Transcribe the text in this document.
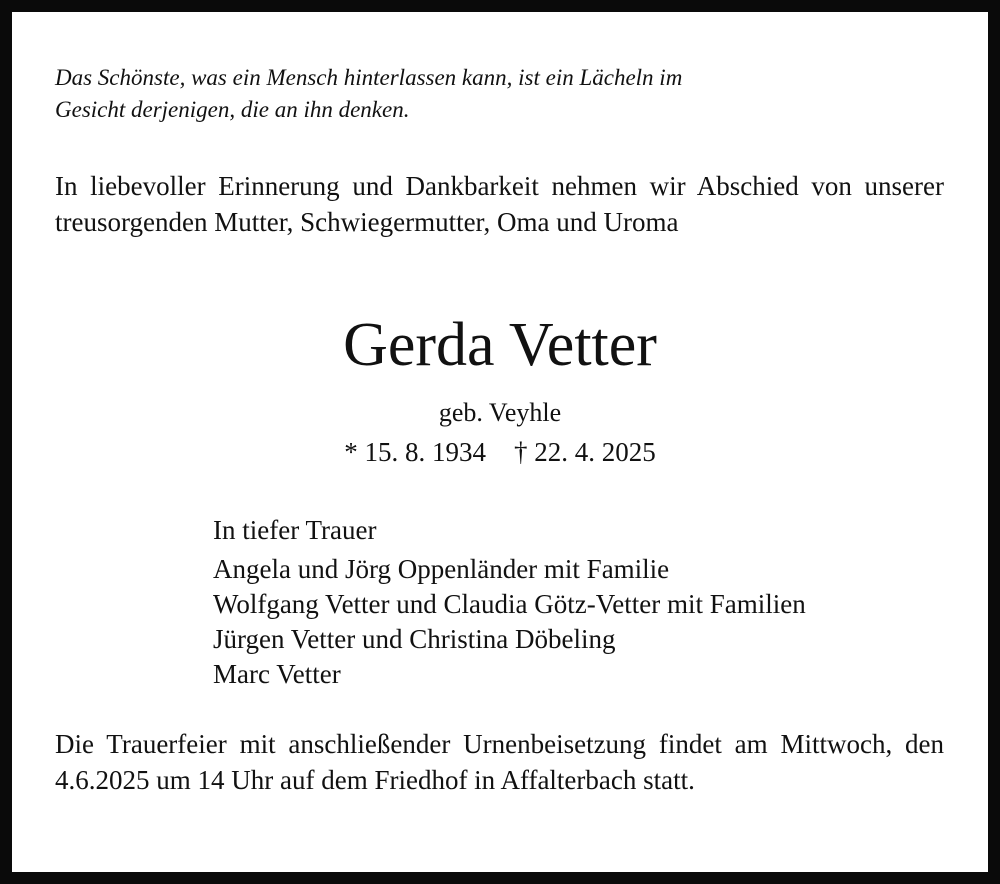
Das Schönste, was ein Mensch hinterlassen kann, ist ein Lächeln im
Gesicht derjenigen, die an ihn denken.
In liebevoller Erinnerung und Dankbarkeit nehmen wir Abschied von unserer treusorgenden Mutter, Schwiegermutter, Oma und Uroma
Gerda Vetter
geb. Veyhle
* 15. 8. 1934 † 22. 4. 2025
In tiefer Trauer
Angela und Jörg Oppenländer mit Familie
Wolfgang Vetter und Claudia Götz-Vetter mit Familien
Jürgen Vetter und Christina Döbeling
Marc Vetter
Die Trauerfeier mit anschließender Urnenbeisetzung findet am Mittwoch, den 4.6.2025 um 14 Uhr auf dem Friedhof in Affalterbach statt.
